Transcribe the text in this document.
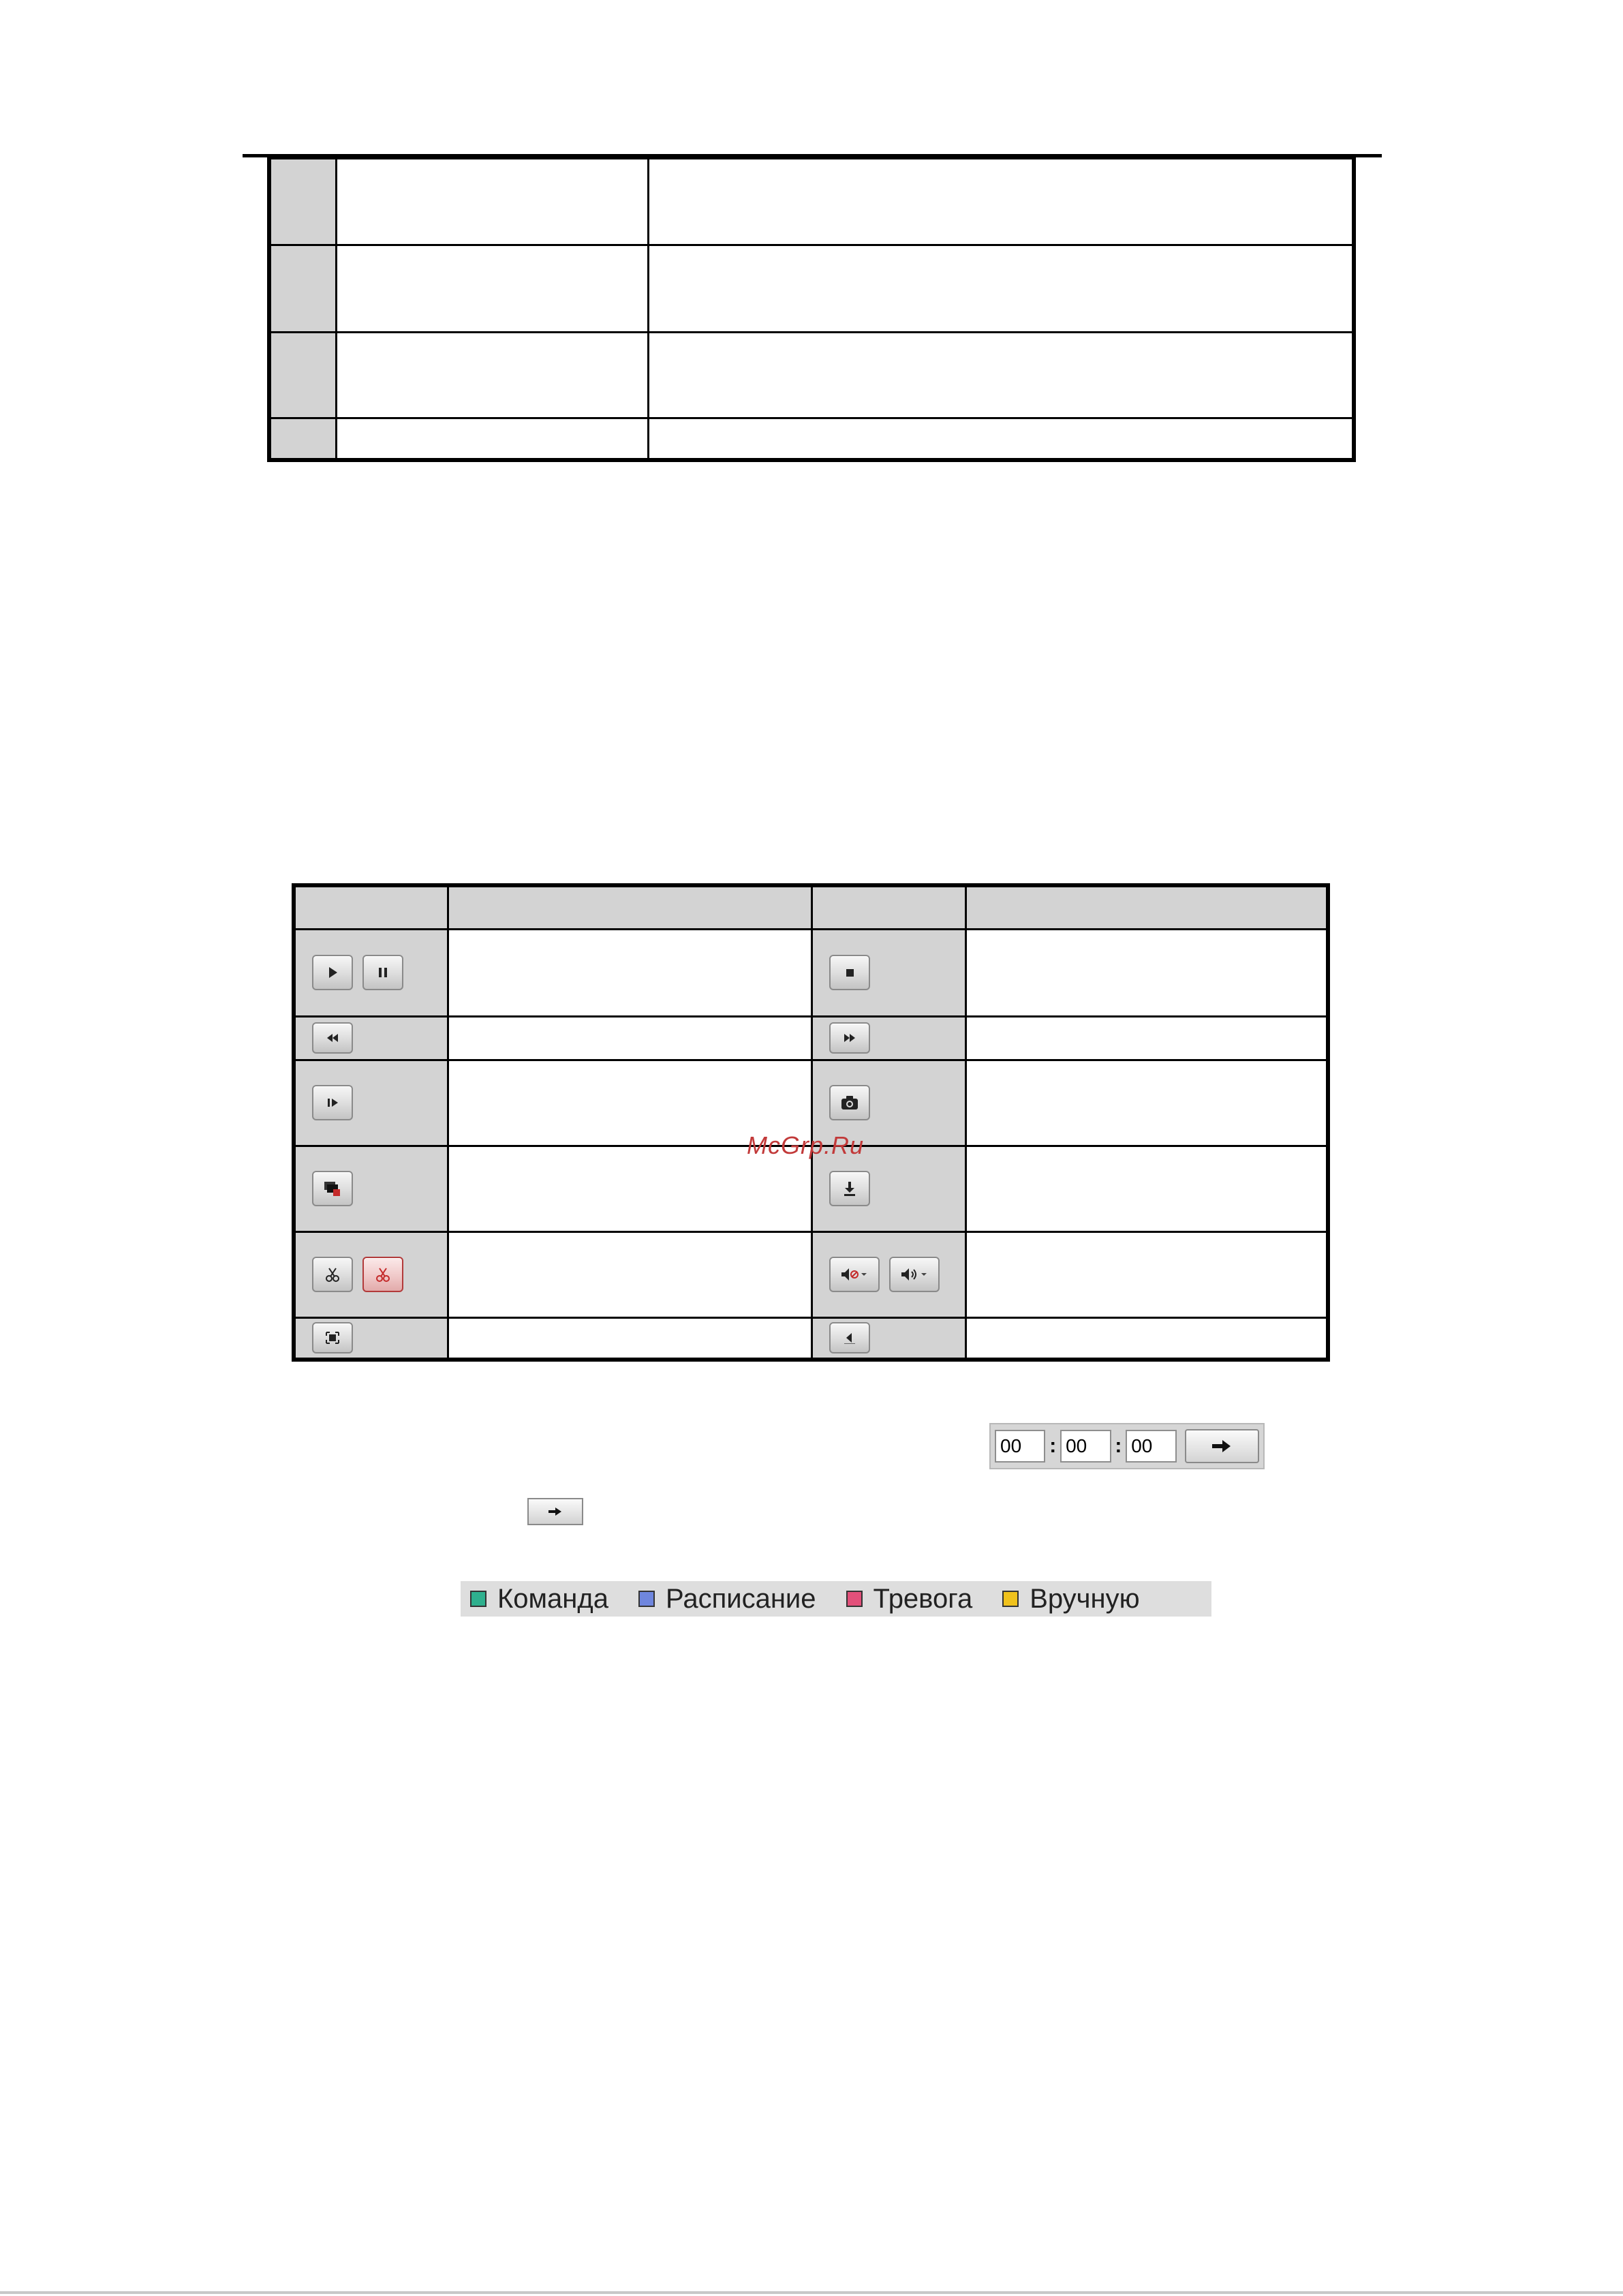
McGrp.Ru
00	: 00	: 00
Команда Расписание Тревога Вручную
